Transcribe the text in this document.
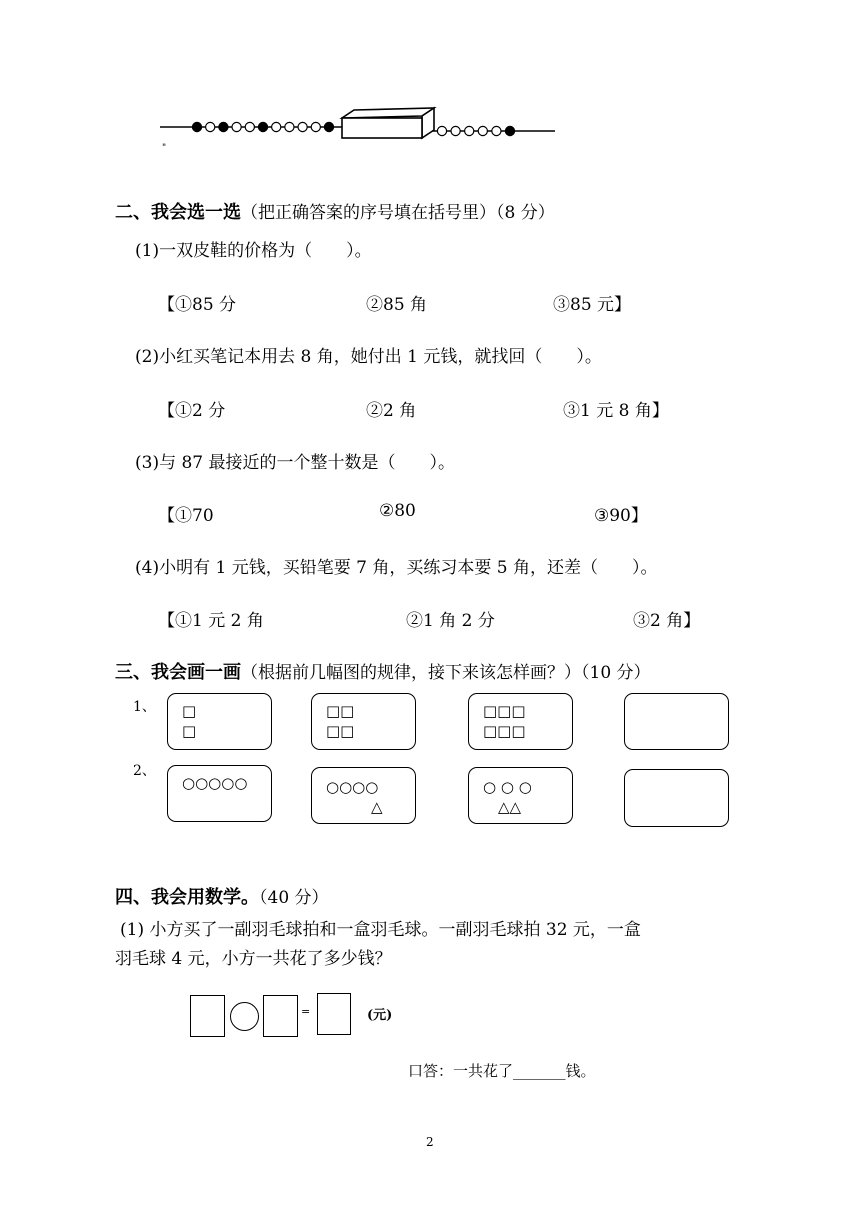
"
二、我会选一选（把正确答案的序号填在括号里）（8 分）
(1)一双皮鞋的价格为（　　）。
【①85 分	②85 角	③85 元】
(2)小红买笔记本用去 8 角，她付出 1 元钱，就找回（　　）。
【①2 分	②2 角	③1 元 8 角】
(3)与 87 最接近的一个整十数是（　　）。
【①70	②80	③90】
(4)小明有 1 元钱，买铅笔要 7 角，买练习本要 5 角，还差（　　）。
【①1 元 2 角	②1 角 2 分	③2 角】
三、我会画一画（根据前几幅图的规律，接下来该怎样画？）（10 分）
1、 □
□
□□
□□
□□□
□□□
2、
○○○○○	○○○○
　　　△
○ ○ ○
　△△
四、我会用数学。（40 分）
(1) 小方买了一副羽毛球拍和一盒羽毛球。一副羽毛球拍 32 元，一盒
羽毛球 4 元，小方一共花了多少钱？
=	(元)
口答：一共花了_______钱。
2
